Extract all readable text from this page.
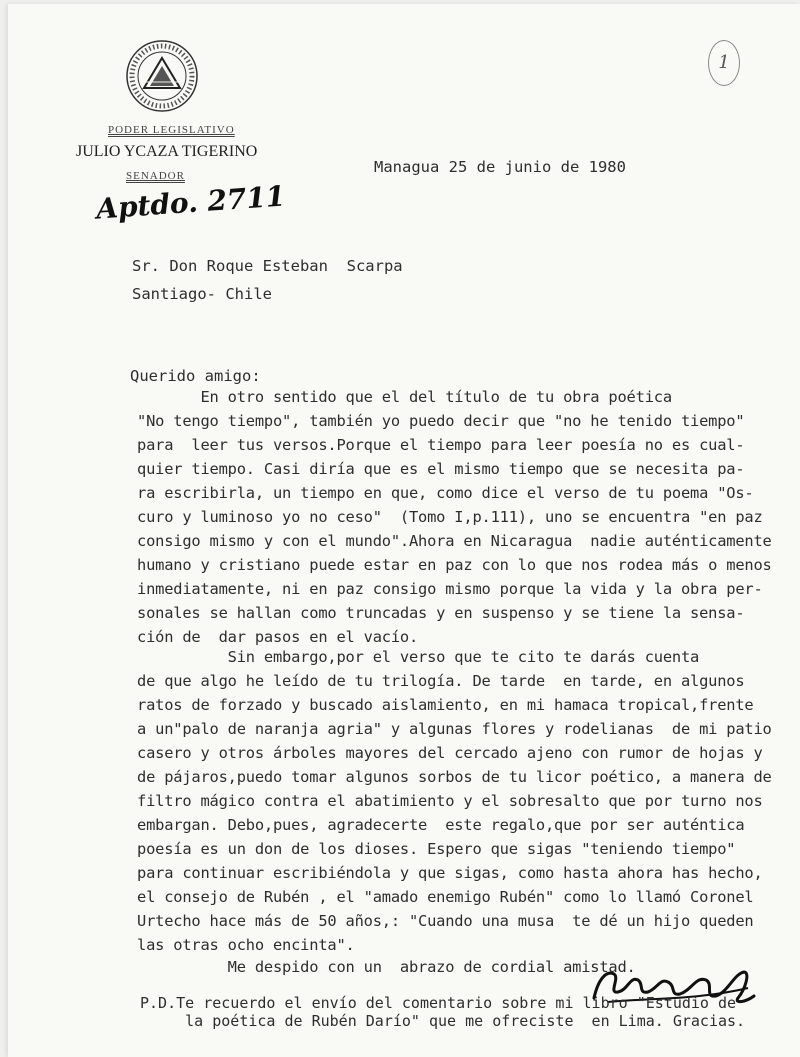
PODER LEGISLATIVO
JULIO YCAZA TIGERINO
SENADOR
Aptdo. 2711
1
Managua 25 de junio de 1980
Sr. Don Roque Esteban  Scarpa
Santiago- Chile
Querido amigo:
En otro sentido que el del título de tu obra poética
"No tengo tiempo", también yo puedo decir que "no he tenido tiempo"
para  leer tus versos.Porque el tiempo para leer poesía no es cual-
quier tiempo. Casi diría que es el mismo tiempo que se necesita pa-
ra escribirla, un tiempo en que, como dice el verso de tu poema "Os-
curo y luminoso yo no ceso"  (Tomo I,p.111), uno se encuentra "en paz
consigo mismo y con el mundo".Ahora en Nicaragua  nadie auténticamente
humano y cristiano puede estar en paz con lo que nos rodea más o menos
inmediatamente, ni en paz consigo mismo porque la vida y la obra per-
sonales se hallan como truncadas y en suspenso y se tiene la sensa-
ción de  dar pasos en el vacío.
Sin embargo,por el verso que te cito te darás cuenta
de que algo he leído de tu trilogía. De tarde  en tarde, en algunos
ratos de forzado y buscado aislamiento, en mi hamaca tropical,frente
a un"palo de naranja agria" y algunas flores y rodelianas  de mi patio
casero y otros árboles mayores del cercado ajeno con rumor de hojas y
de pájaros,puedo tomar algunos sorbos de tu licor poético, a manera de
filtro mágico contra el abatimiento y el sobresalto que por turno nos
embargan. Debo,pues, agradecerte  este regalo,que por ser auténtica
poesía es un don de los dioses. Espero que sigas "teniendo tiempo"
para continuar escribiéndola y que sigas, como hasta ahora has hecho,
el consejo de Rubén , el "amado enemigo Rubén" como lo llamó Coronel
Urtecho hace más de 50 años,: "Cuando una musa  te dé un hijo queden
las otras ocho encinta".
Me despido con un  abrazo de cordial amistad.
P.D.Te recuerdo el envío del comentario sobre mi libro "Estudio de
la poética de Rubén Darío" que me ofreciste  en Lima. Gracias.
